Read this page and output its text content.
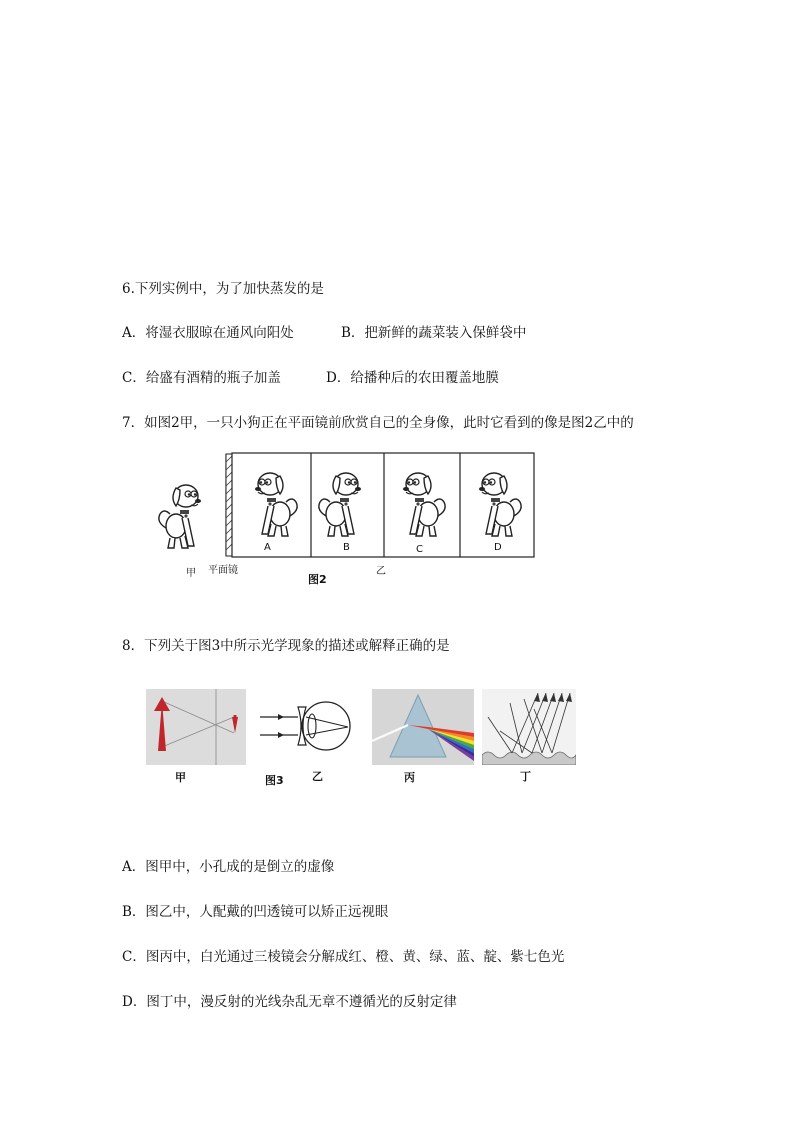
6.下列实例中，为了加快蒸发的是
A．将湿衣服晾在通风向阳处	B．把新鲜的蔬菜装入保鲜袋中
C．给盛有酒精的瓶子加盖	D．给播种后的农田覆盖地膜
7．如图2甲，一只小狗正在平面镜前欣赏自己的全身像，此时它看到的像是图2乙中的
A	B	C	D
甲 平面镜
图2
乙
8．下列关于图3中所示光学现象的描述或解释正确的是
甲	图3	乙	丙	丁
A．图甲中，小孔成的是倒立的虚像
B．图乙中，人配戴的凹透镜可以矫正远视眼
C．图丙中，白光通过三棱镜会分解成红、橙、黄、绿、蓝、靛、紫七色光
D．图丁中，漫反射的光线杂乱无章不遵循光的反射定律
